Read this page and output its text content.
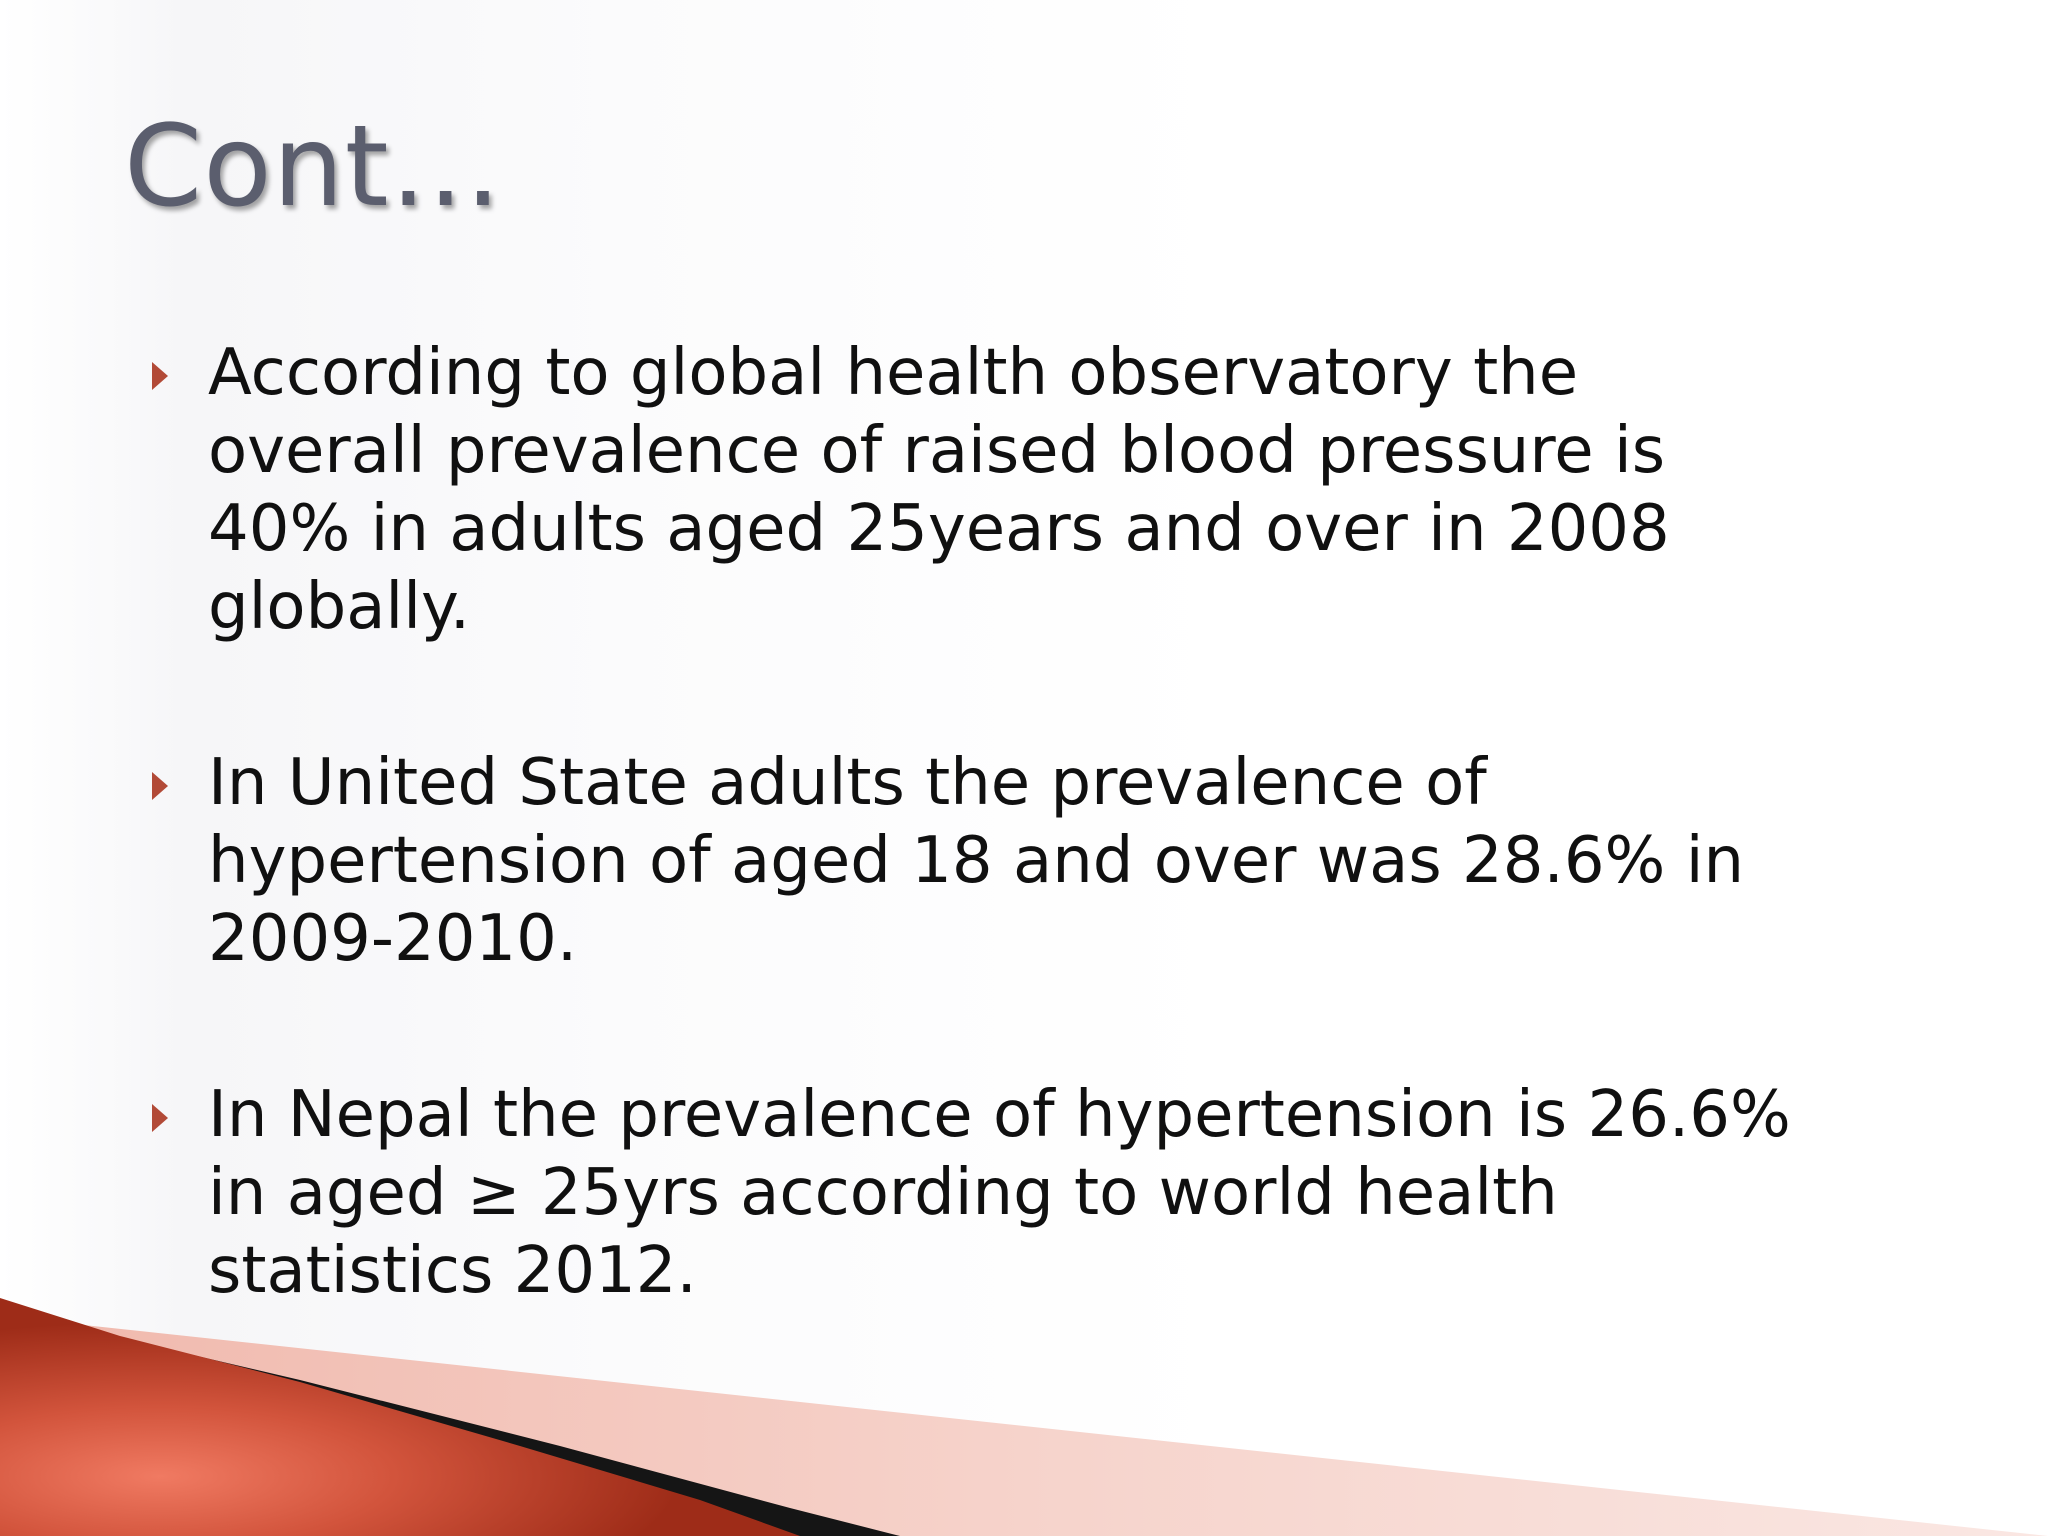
Cont…
According to global health observatory the
overall prevalence of raised blood pressure is
40% in adults aged 25years and over in 2008
globally.
In United State adults the prevalence of
hypertension of aged 18 and over was 28.6% in
2009-2010.
In Nepal the prevalence of hypertension is 26.6%
in aged ≥ 25yrs according to world health
statistics 2012.
